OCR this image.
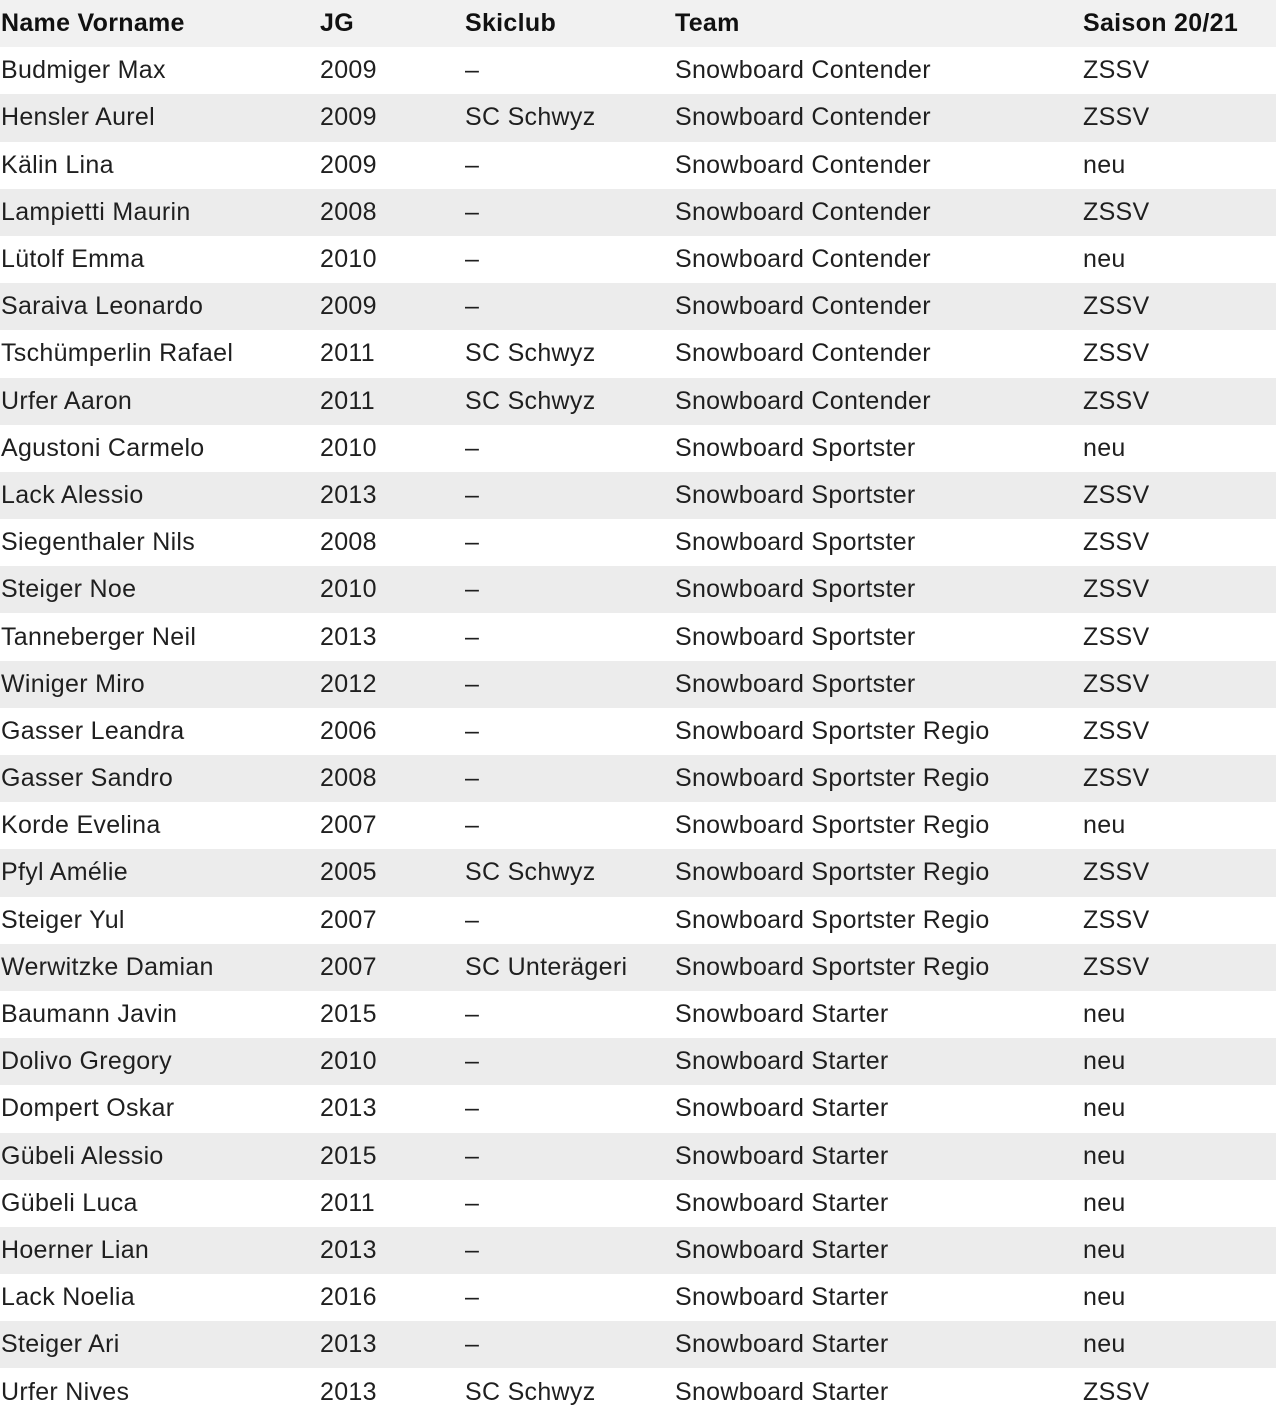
Name Vorname	JG	Skiclub	Team	Saison 20/21
Budmiger Max	2009	–	Snowboard Contender	ZSSV
Hensler Aurel	2009	SC Schwyz	Snowboard Contender	ZSSV
Kälin Lina	2009	–	Snowboard Contender	neu
Lampietti Maurin	2008	–	Snowboard Contender	ZSSV
Lütolf Emma	2010	–	Snowboard Contender	neu
Saraiva Leonardo	2009	–	Snowboard Contender	ZSSV
Tschümperlin Rafael	2011	SC Schwyz	Snowboard Contender	ZSSV
Urfer Aaron	2011	SC Schwyz	Snowboard Contender	ZSSV
Agustoni Carmelo	2010	–	Snowboard Sportster	neu
Lack Alessio	2013	–	Snowboard Sportster	ZSSV
Siegenthaler Nils	2008	–	Snowboard Sportster	ZSSV
Steiger Noe	2010	–	Snowboard Sportster	ZSSV
Tanneberger Neil	2013	–	Snowboard Sportster	ZSSV
Winiger Miro	2012	–	Snowboard Sportster	ZSSV
Gasser Leandra	2006	–	Snowboard Sportster Regio	ZSSV
Gasser Sandro	2008	–	Snowboard Sportster Regio	ZSSV
Korde Evelina	2007	–	Snowboard Sportster Regio	neu
Pfyl Amélie	2005	SC Schwyz	Snowboard Sportster Regio	ZSSV
Steiger Yul	2007	–	Snowboard Sportster Regio	ZSSV
Werwitzke Damian	2007	SC Unterägeri	Snowboard Sportster Regio	ZSSV
Baumann Javin	2015	–	Snowboard Starter	neu
Dolivo Gregory	2010	–	Snowboard Starter	neu
Dompert Oskar	2013	–	Snowboard Starter	neu
Gübeli Alessio	2015	–	Snowboard Starter	neu
Gübeli Luca	2011	–	Snowboard Starter	neu
Hoerner Lian	2013	–	Snowboard Starter	neu
Lack Noelia	2016	–	Snowboard Starter	neu
Steiger Ari	2013	–	Snowboard Starter	neu
Urfer Nives	2013	SC Schwyz	Snowboard Starter	ZSSV
